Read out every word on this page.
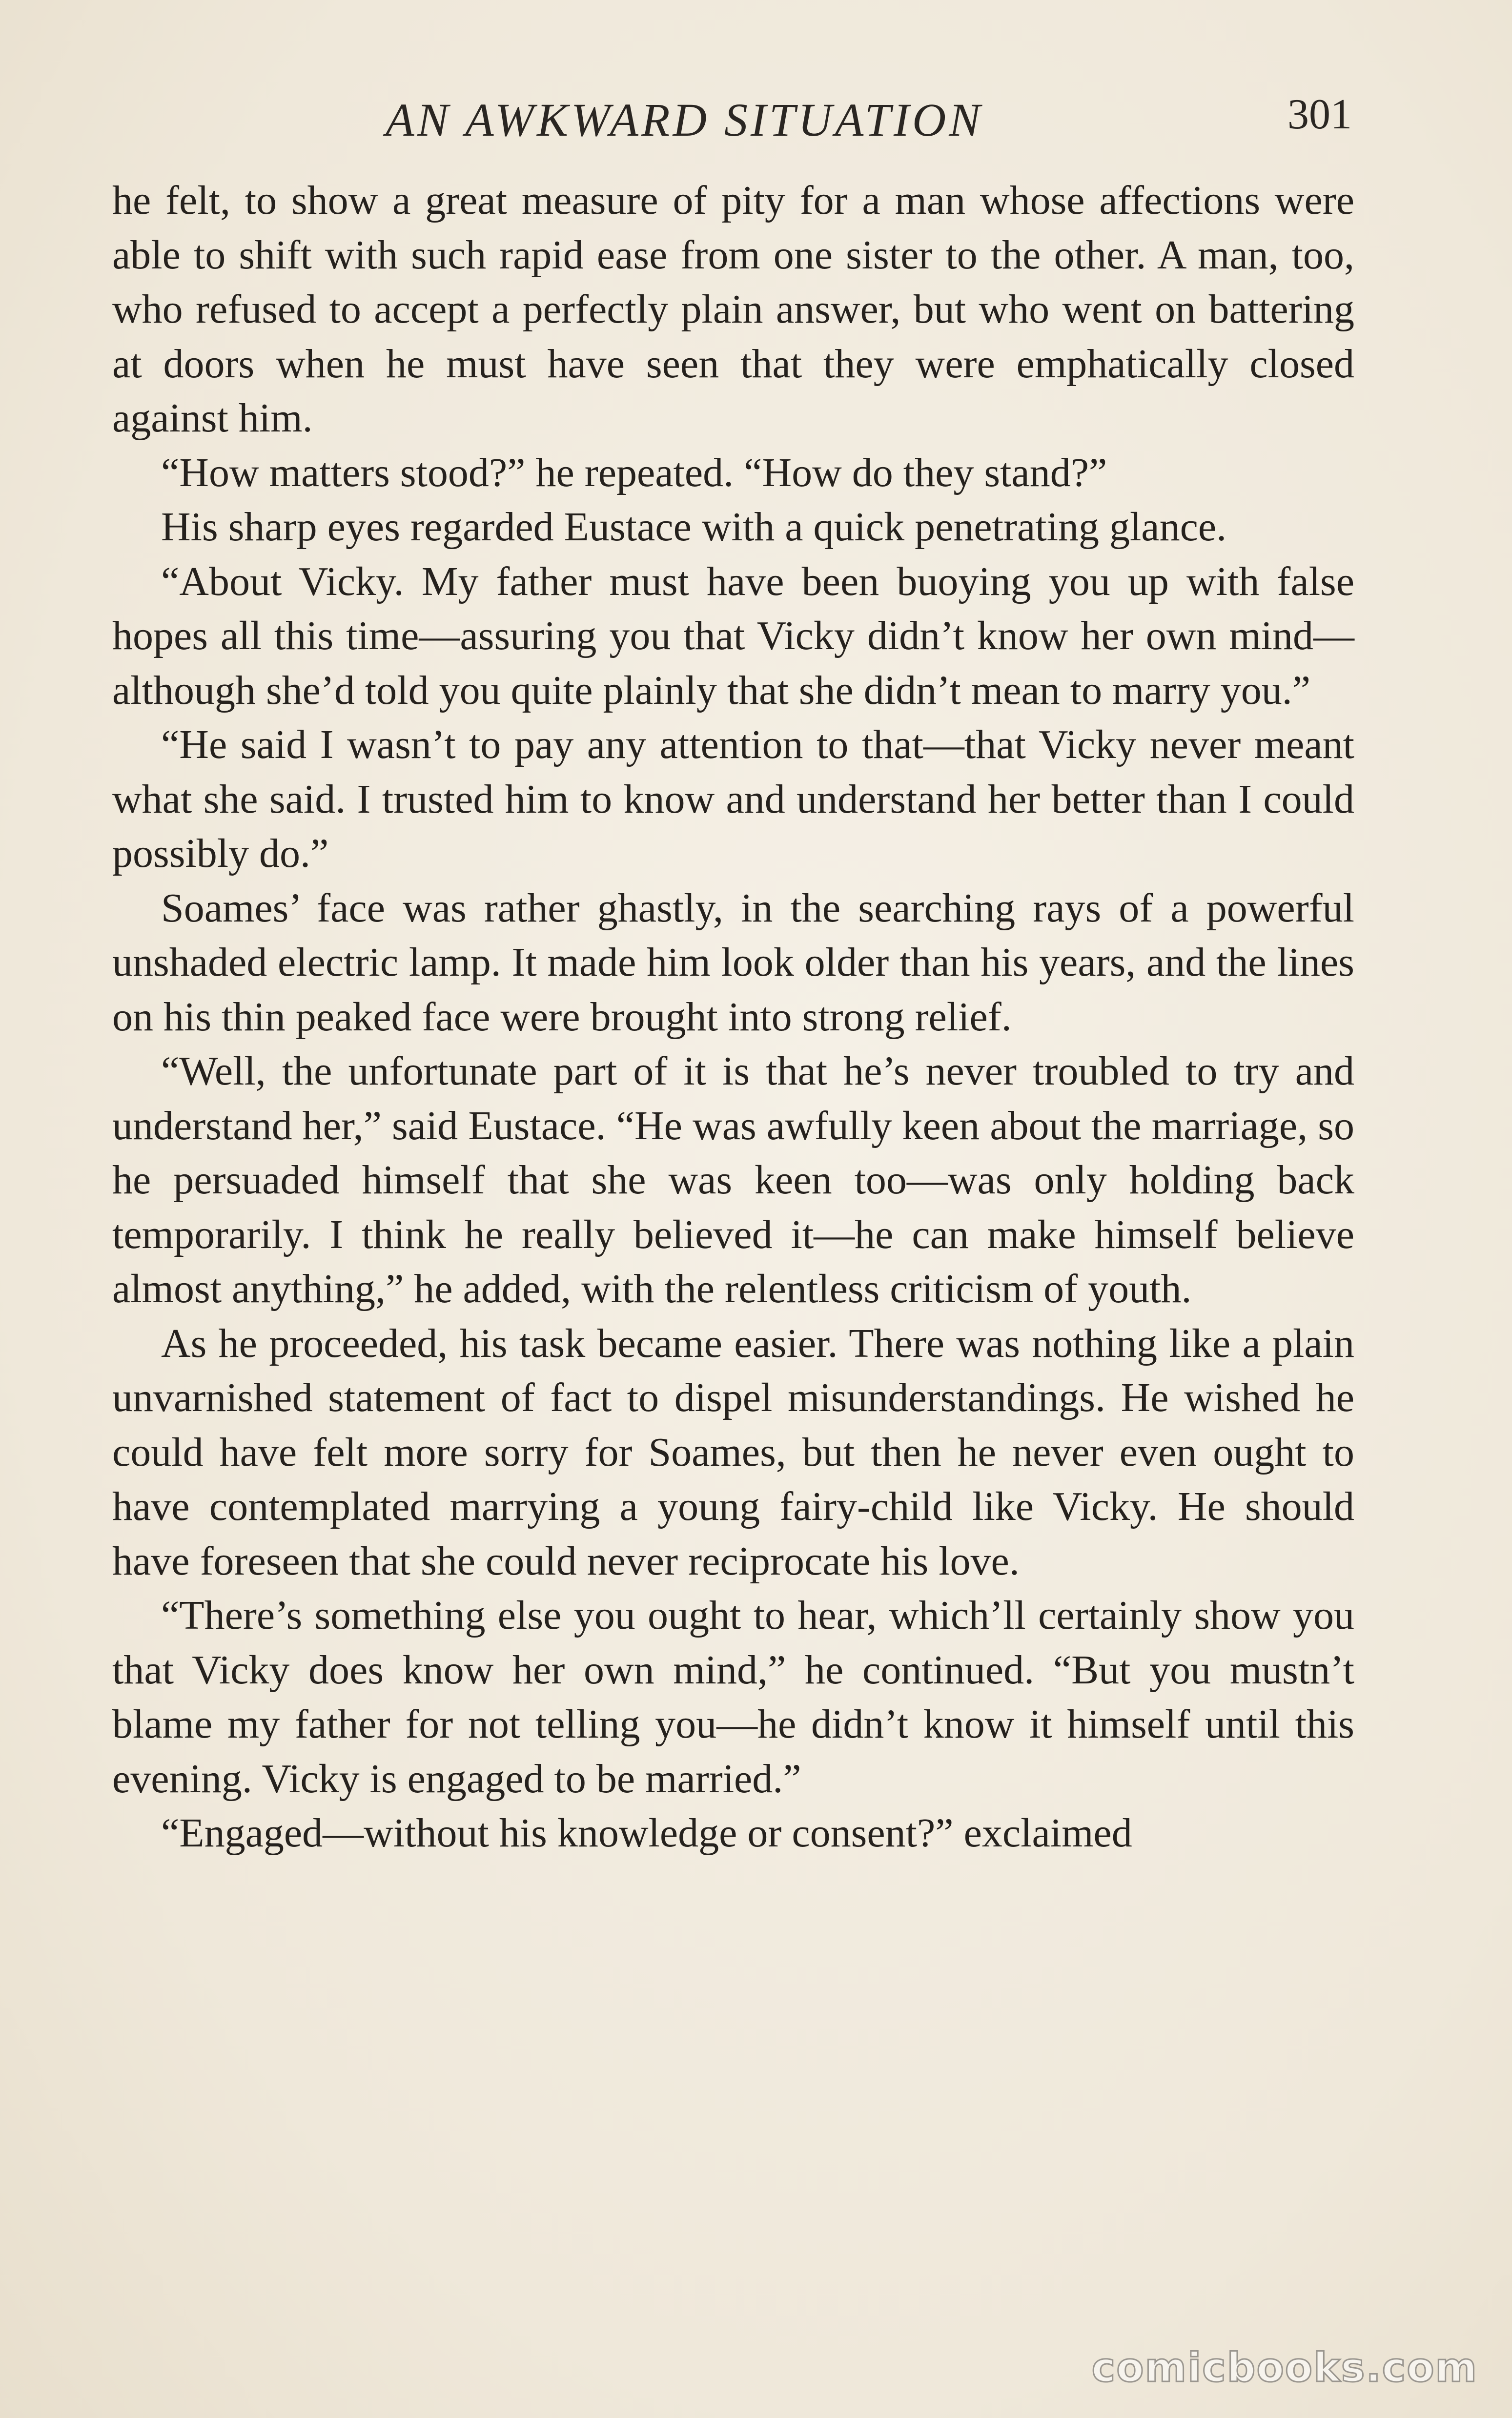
AN AWKWARD SITUATION	301

he felt, to show a great measure of pity for a man whose affections were able to shift with such rapid ease from one sister to the other. A man, too, who refused to accept a perfectly plain answer, but who went on battering at doors when he must have seen that they were emphatically closed against him.

“How matters stood?” he repeated. “How do they stand?”

His sharp eyes regarded Eustace with a quick penetrating glance.

“About Vicky. My father must have been buoying you up with false hopes all this time—assuring you that Vicky didn’t know her own mind—although she’d told you quite plainly that she didn’t mean to marry you.”

“He said I wasn’t to pay any attention to that—that Vicky never meant what she said. I trusted him to know and understand her better than I could possibly do.”

Soames’ face was rather ghastly, in the searching rays of a powerful unshaded electric lamp. It made him look older than his years, and the lines on his thin peaked face were brought into strong relief.

“Well, the unfortunate part of it is that he’s never troubled to try and understand her,” said Eustace. “He was awfully keen about the marriage, so he persuaded himself that she was keen too—was only holding back temporarily. I think he really believed it—he can make himself believe almost anything,” he added, with the relentless criticism of youth.

As he proceeded, his task became easier. There was nothing like a plain unvarnished statement of fact to dispel misunderstandings. He wished he could have felt more sorry for Soames, but then he never even ought to have contemplated marrying a young fairy-child like Vicky. He should have foreseen that she could never reciprocate his love.

“There’s something else you ought to hear, which’ll certainly show you that Vicky does know her own mind,” he continued. “But you mustn’t blame my father for not telling you—he didn’t know it himself until this evening. Vicky is engaged to be married.”

“Engaged—without his knowledge or consent?” exclaimed

comicbooks.com
